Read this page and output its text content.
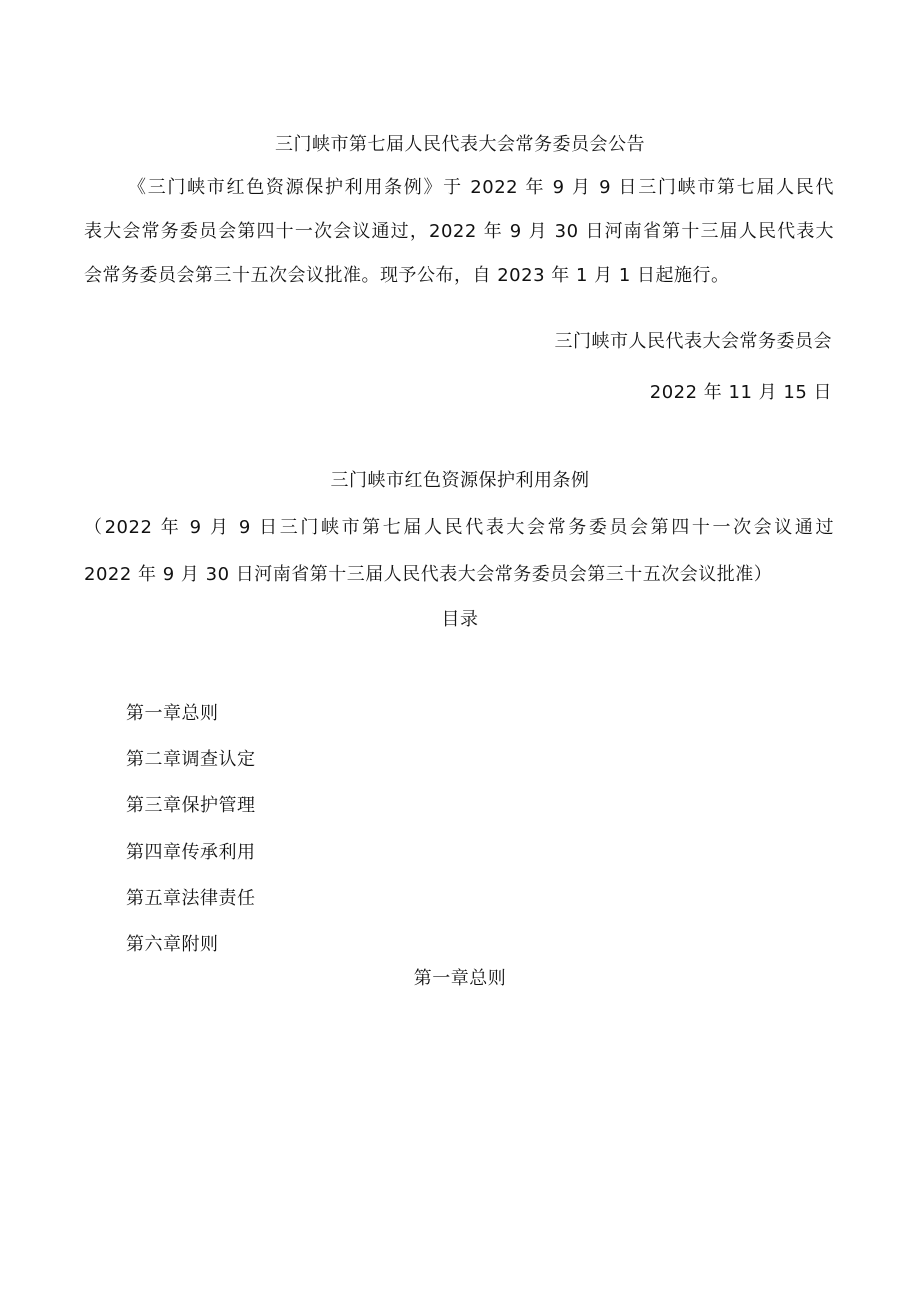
三门峡市第七届人民代表大会常务委员会公告
《三门峡市红色资源保护利用条例》于 2022 年 9 月 9 日三门峡市第七届人民代
表大会常务委员会第四十一次会议通过，2022 年 9 月 30 日河南省第十三届人民代表大
会常务委员会第三十五次会议批准。现予公布，自 2023 年 1 月 1 日起施行。
三门峡市人民代表大会常务委员会
2022 年 11 月 15 日
三门峡市红色资源保护利用条例
（2022 年 9 月 9 日三门峡市第七届人民代表大会常务委员会第四十一次会议通过
2022 年 9 月 30 日河南省第十三届人民代表大会常务委员会第三十五次会议批准）
目录
第一章总则
第二章调查认定
第三章保护管理
第四章传承利用
第五章法律责任
第六章附则
第一章总则
